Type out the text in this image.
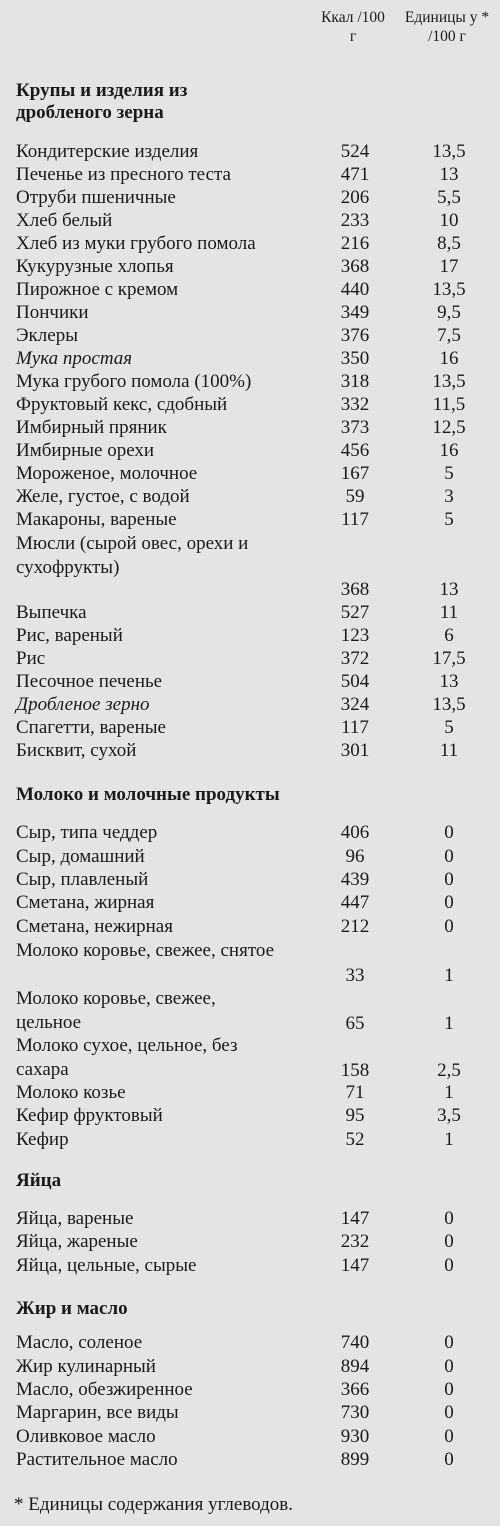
Ккал /100 г
Единицы у * /100 г
Крупы и изделия из дробленого зерна
Кондитерские изделия	524	13,5
Печенье из пресного теста	471	13
Отруби пшеничные	206	5,5
Хлеб белый	233	10
Хлеб из муки грубого помола	216	8,5
Кукурузные хлопья	368	17
Пирожное с кремом	440	13,5
Пончики	349	9,5
Эклеры	376	7,5
Мука простая	350	16
Мука грубого помола (100%)	318	13,5
Фруктовый кекс, сдобный	332	11,5
Имбирный пряник	373	12,5
Имбирные орехи	456	16
Мороженое, молочное	167	5
Желе, густое, с водой	59	3
Макароны, вареные	117	5
Мюсли (сырой овес, орехи и сухофрукты)
368	13
Выпечка	527	11
Рис, вареный	123	6
Рис	372	17,5
Песочное печенье	504	13
Дробленое зерно	324	13,5
Спагетти, вареные	117	5
Бисквит, сухой	301	11
Молоко и молочные продукты
Сыр, типа чеддер	406	0
Сыр, домашний	96	0
Сыр, плавленый	439	0
Сметана, жирная	447	0
Сметана, нежирная	212	0
Молоко коровье, свежее, снятое
33	1
Молоко коровье, свежее, цельное	65	1
Молоко сухое, цельное, без сахара	158	2,5
Молоко козье	71	1
Кефир фруктовый	95	3,5
Кефир	52	1
Яйца
Яйца, вареные	147	0
Яйца, жареные	232	0
Яйца, цельные, сырые	147	0
Жир и масло
Масло, соленое	740	0
Жир кулинарный	894	0
Масло, обезжиренное	366	0
Маргарин, все виды	730	0
Оливковое масло	930	0
Растительное масло	899	0
* Единицы содержания углеводов.
